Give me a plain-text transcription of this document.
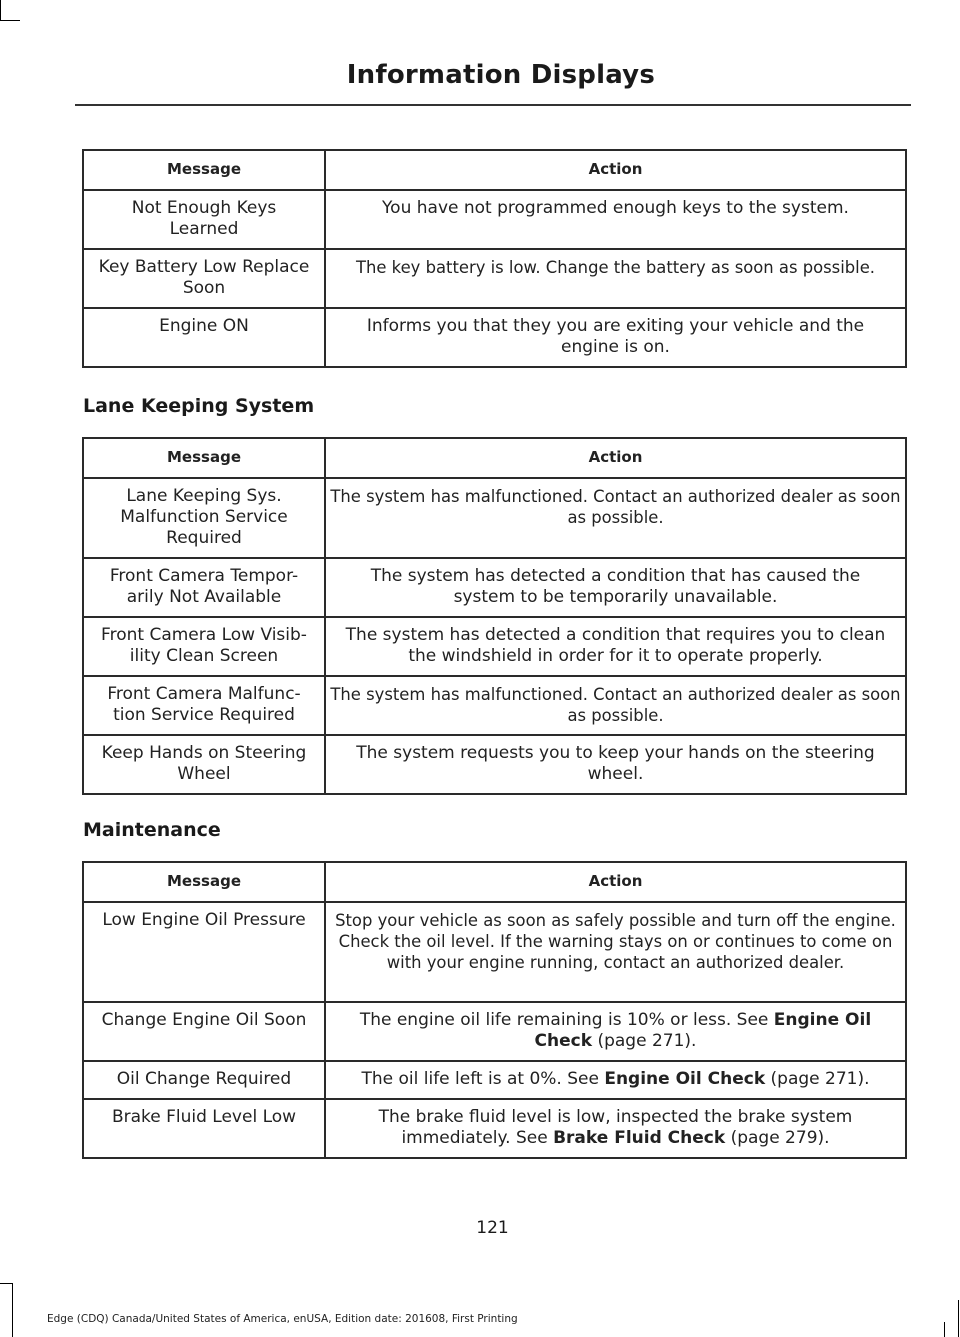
Information Displays
Message	Action
Not Enough Keys Learned	You have not programmed enough keys to the system.
Key Battery Low Replace Soon	The key battery is low. Change the battery as soon as possible.
Engine ON	Informs you that they you are exiting your vehicle and the engine is on.
Lane Keeping System
Message	Action
Lane Keeping Sys. Malfunction Service Required	The system has malfunctioned. Contact an authorized dealer as soon as possible.
Front Camera Tempor-arily Not Available	The system has detected a condition that has caused the system to be temporarily unavailable.
Front Camera Low Visib-ility Clean Screen	The system has detected a condition that requires you to clean the windshield in order for it to operate properly.
Front Camera Malfunc-tion Service Required	The system has malfunctioned. Contact an authorized dealer as soon as possible.
Keep Hands on Steering Wheel	The system requests you to keep your hands on the steering wheel.
Maintenance
Message	Action
Low Engine Oil Pressure	Stop your vehicle as soon as safely possible and turn off the engine. Check the oil level. If the warning stays on or continues to come on with your engine running, contact an authorized dealer.
Change Engine Oil Soon	The engine oil life remaining is 10% or less. See Engine Oil Check (page 271).
Oil Change Required	The oil life left is at 0%. See Engine Oil Check (page 271).
Brake Fluid Level Low	The brake fluid level is low, inspected the brake system immediately. See Brake Fluid Check (page 279).
121
Edge (CDQ) Canada/United States of America, enUSA, Edition date: 201608, First Printing
